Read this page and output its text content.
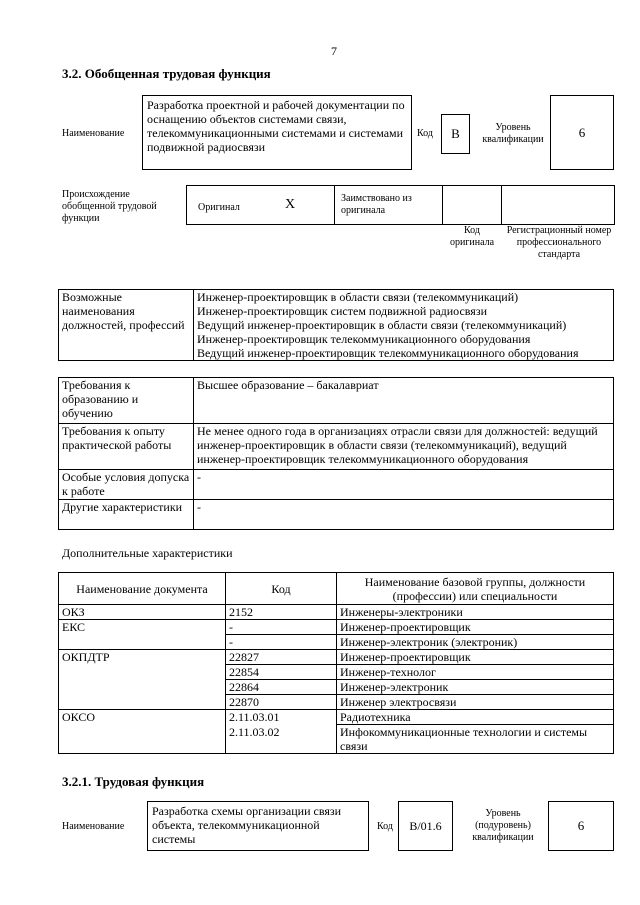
7
3.2. Обобщенная трудовая функция
Наименование
Разработка проектной и рабочей документации по оснащению объектов системами связи, телекоммуникационными системами и системами подвижной радиосвязи
Код B	Уровень квалификации	6
Происхождение обобщенной трудовой функции
Оригинал	X	Заимствовано из оригинала
Код оригинала
Регистрационный номер профессионального стандарта
Возможные наименования должностей, профессий	
Инженер-проектировщик в области связи (телекоммуникаций)
Инженер-проектировщик систем подвижной радиосвязи
Ведущий инженер-проектировщик в области связи (телекоммуникаций)
Инженер-проектировщик телекоммуникационного оборудования
Ведущий инженер-проектировщик телекоммуникационного оборудования
Требования к образованию и обучению	Высшее образование – бакалавриат
Требования к опыту практической работы	Не менее одного года в организациях отрасли связи для должностей: ведущий инженер-проектировщик в области связи (телекоммуникаций), ведущий инженер-проектировщик телекоммуникационного оборудования
Особые условия допуска к работе	-
Другие характеристики	-
Дополнительные характеристики
Наименование документа	Код	Наименование базовой группы, должности (профессии) или специальности
ОКЗ	2152	Инженеры-электроники
ЕКС	-	Инженер-проектировщик
	-	Инженер-электроник (электроник)
ОКПДТР	22827	Инженер-проектировщик
	22854	Инженер-технолог
	22864	Инженер-электроник
	22870	Инженер электросвязи
ОКСО	2.11.03.01	Радиотехника
	2.11.03.02	Инфокоммуникационные технологии и системы связи
3.2.1. Трудовая функция
Наименование
Разработка схемы организации связи объекта, телекоммуникационной системы
Код B/01.6
Уровень (подуровень) квалификации
6
